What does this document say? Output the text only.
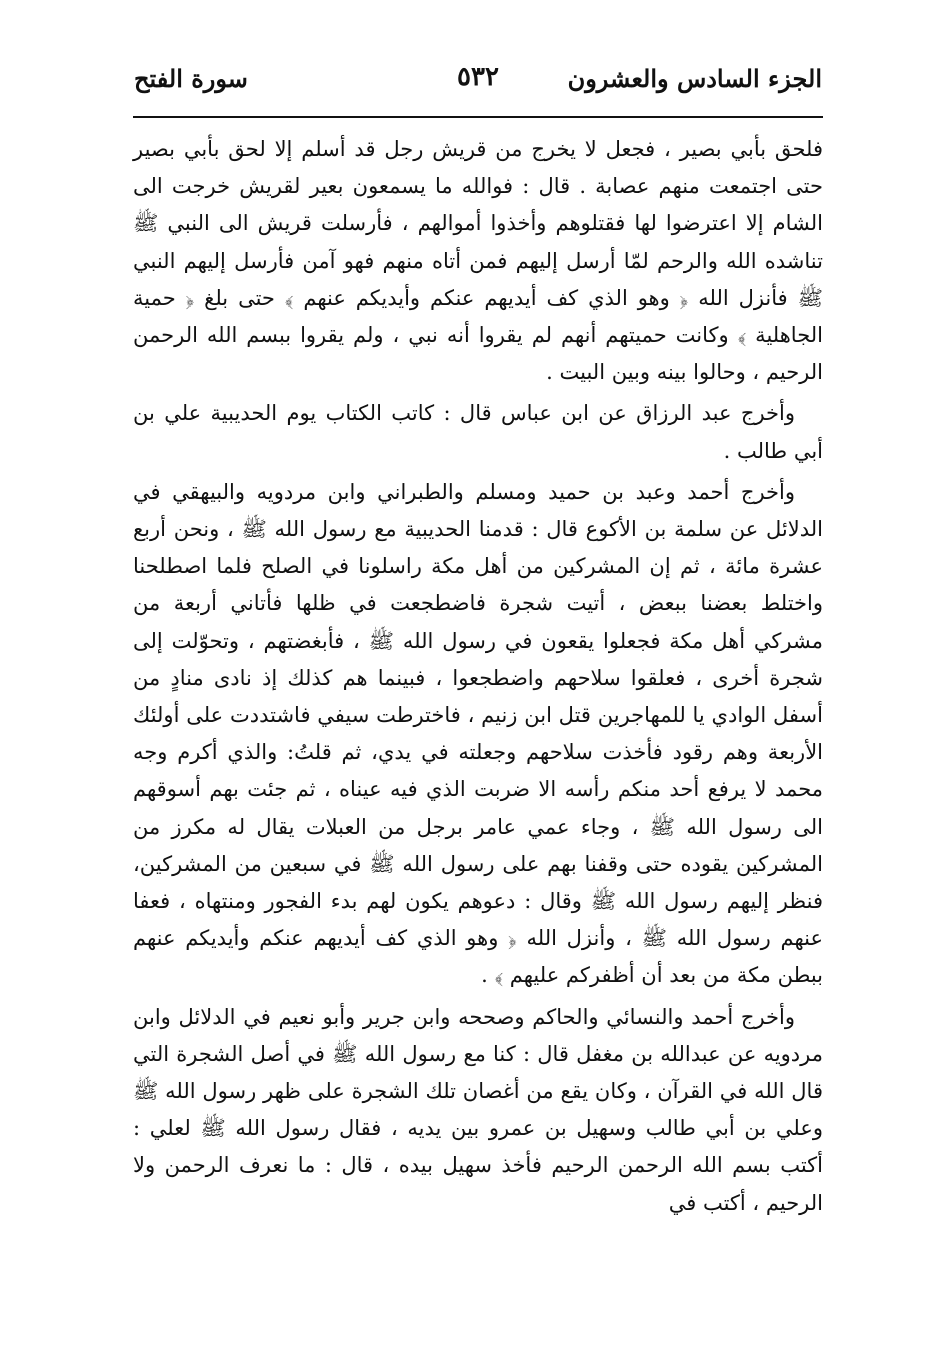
الجزء السادس والعشرون
٥٣٢
سورة الفتح

فلحق بأبي بصير ، فجعل لا يخرج من قريش رجل قد أسلم إلا لحق بأبي بصير حتى اجتمعت منهم عصابة . قال : فوالله ما يسمعون بعير لقريش خرجت الى الشام إلا اعترضوا لها فقتلوهم وأخذوا أموالهم ، فأرسلت قريش الى النبي ﷺ تناشده الله والرحم لمّا أرسل إليهم فمن أتاه منهم فهو آمن فأرسل إليهم النبي ﷺ فأنزل الله ﴿ وهو الذي كف أيديهم عنكم وأيديكم عنهم ﴾ حتى بلغ ﴿ حمية الجاهلية ﴾ وكانت حميتهم أنهم لم يقروا أنه نبي ، ولم يقروا ببسم الله الرحمن الرحيم ، وحالوا بينه وبين البيت .

وأخرج عبد الرزاق عن ابن عباس قال : كاتب الكتاب يوم الحديبية علي بن أبي طالب .

وأخرج أحمد وعبد بن حميد ومسلم والطبراني وابن مردويه والبيهقي في الدلائل عن سلمة بن الأكوع قال : قدمنا الحديبية مع رسول الله ﷺ ، ونحن أربع عشرة مائة ، ثم إن المشركين من أهل مكة راسلونا في الصلح فلما اصطلحنا واختلط بعضنا ببعض ، أتيت شجرة فاضطجعت في ظلها فأتاني أربعة من مشركي أهل مكة فجعلوا يقعون في رسول الله ﷺ ، فأبغضتهم ، وتحوّلت إلى شجرة أخرى ، فعلقوا سلاحهم واضطجعوا ، فبينما هم كذلك إذ نادى منادٍ من أسفل الوادي يا للمهاجرين قتل ابن زنيم ، فاخترطت سيفي فاشتددت على أولئك الأربعة وهم رقود فأخذت سلاحهم وجعلته في يدي، ثم قلتُ: والذي أكرم وجه محمد لا يرفع أحد منكم رأسه الا ضربت الذي فيه عيناه ، ثم جئت بهم أسوقهم الى رسول الله ﷺ ، وجاء عمي عامر برجل من العبلات يقال له مكرز من المشركين يقوده حتى وقفنا بهم على رسول الله ﷺ في سبعين من المشركين، فنظر إليهم رسول الله ﷺ وقال : دعوهم يكون لهم بدء الفجور ومنتهاه ، فعفا عنهم رسول الله ﷺ ، وأنزل الله ﴿ وهو الذي كف أيديهم عنكم وأيديكم عنهم ببطن مكة من بعد أن أظفركم عليهم ﴾ .

وأخرج أحمد والنسائي والحاكم وصححه وابن جرير وأبو نعيم في الدلائل وابن مردويه عن عبدالله بن مغفل قال : كنا مع رسول الله ﷺ في أصل الشجرة التي قال الله في القرآن ، وكان يقع من أغصان تلك الشجرة على ظهر رسول الله ﷺ وعلي بن أبي طالب وسهيل بن عمرو بين يديه ، فقال رسول الله ﷺ لعلي : أكتب بسم الله الرحمن الرحيم فأخذ سهيل بيده ، قال : ما نعرف الرحمن ولا الرحيم ، أكتب في
